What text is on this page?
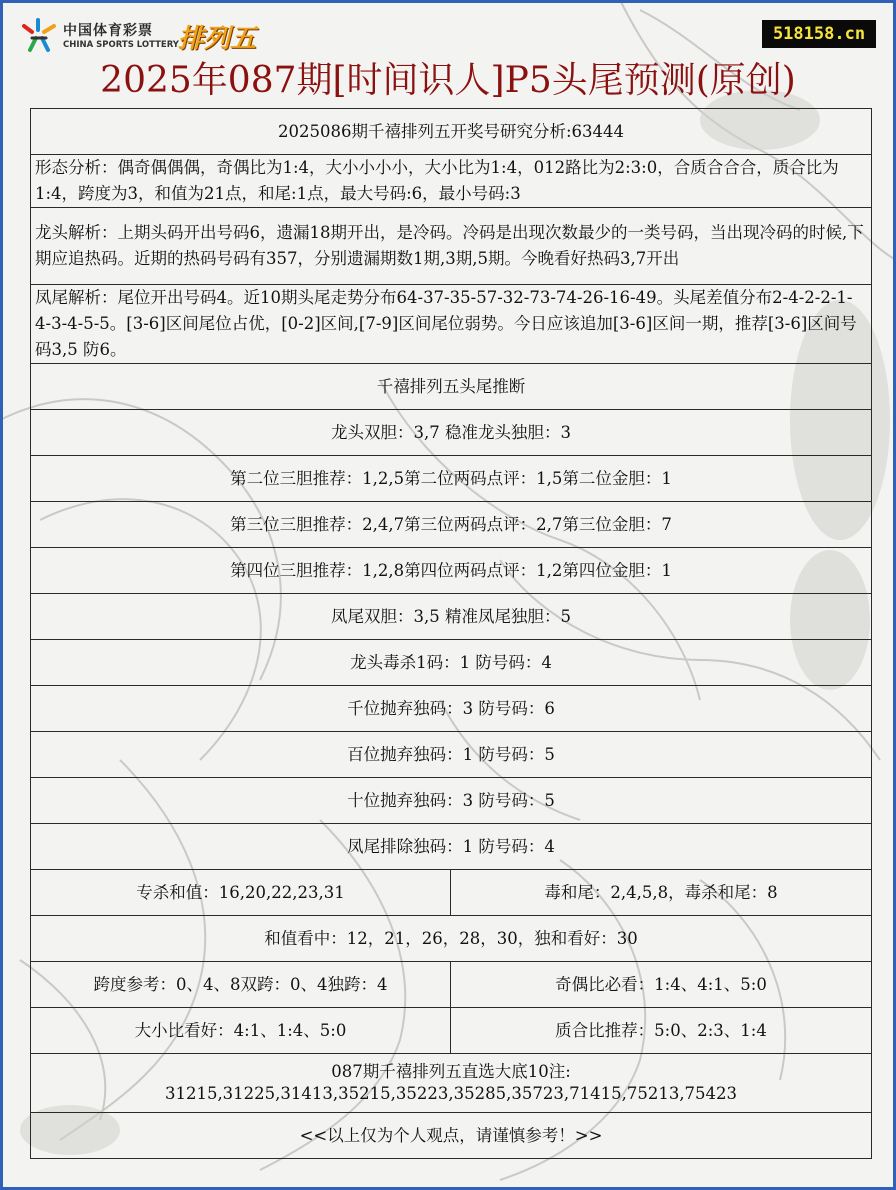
中国体育彩票
CHINA SPORTS LOTTERY 排列五	518158.cn
2025年087期[时间识人]P5头尾预测(原创)
2025086期千禧排列五开奖号研究分析:63444	
形态分析：偶奇偶偶偶，奇偶比为1:4，大小小小小，大小比为1:4，012路比为2:3:0，合质合合合，质合比为1:4，跨度为3，和值为21点，和尾:1点，最大号码:6，最小号码:3	
龙头解析：上期头码开出号码6，遗漏18期开出，是冷码。冷码是出现次数最少的一类号码，当出现冷码的时候,下期应追热码。近期的热码号码有357，分别遗漏期数1期,3期,5期。今晚看好热码3,7开出	
凤尾解析：尾位开出号码4。近10期头尾走势分布64-37-35-57-32-73-74-26-16-49。头尾差值分布2-4-2-2-1-4-3-4-5-5。[3-6]区间尾位占优，[0-2]区间,[7-9]区间尾位弱势。今日应该追加[3-6]区间一期，推荐[3-6]区间号码3,5 防6。	
千禧排列五头尾推断	
龙头双胆：3,7 稳准龙头独胆：3	
第二位三胆推荐：1,2,5第二位两码点评：1,5第二位金胆：1	
第三位三胆推荐：2,4,7第三位两码点评：2,7第三位金胆：7	
第四位三胆推荐：1,2,8第四位两码点评：1,2第四位金胆：1	
凤尾双胆：3,5 精准凤尾独胆：5	
龙头毒杀1码：1 防号码：4	
千位抛弃独码：3 防号码：6	
百位抛弃独码：1 防号码：5	
十位抛弃独码：3 防号码：5	
凤尾排除独码：1 防号码：4	
专杀和值：16,20,22,23,31	毒和尾：2,4,5,8，毒杀和尾：8
和值看中：12，21，26，28，30，独和看好：30	
跨度参考：0、4、8双跨：0、4独跨：4	奇偶比必看：1:4、4:1、5:0
大小比看好：4:1、1:4、5:0	质合比推荐：5:0、2:3、1:4

087期千禧排列五直选大底10注:
31215,31225,31413,35215,35223,35285,35723,71415,75213,75423	

<<以上仅为个人观点，请谨慎参考！>>	
